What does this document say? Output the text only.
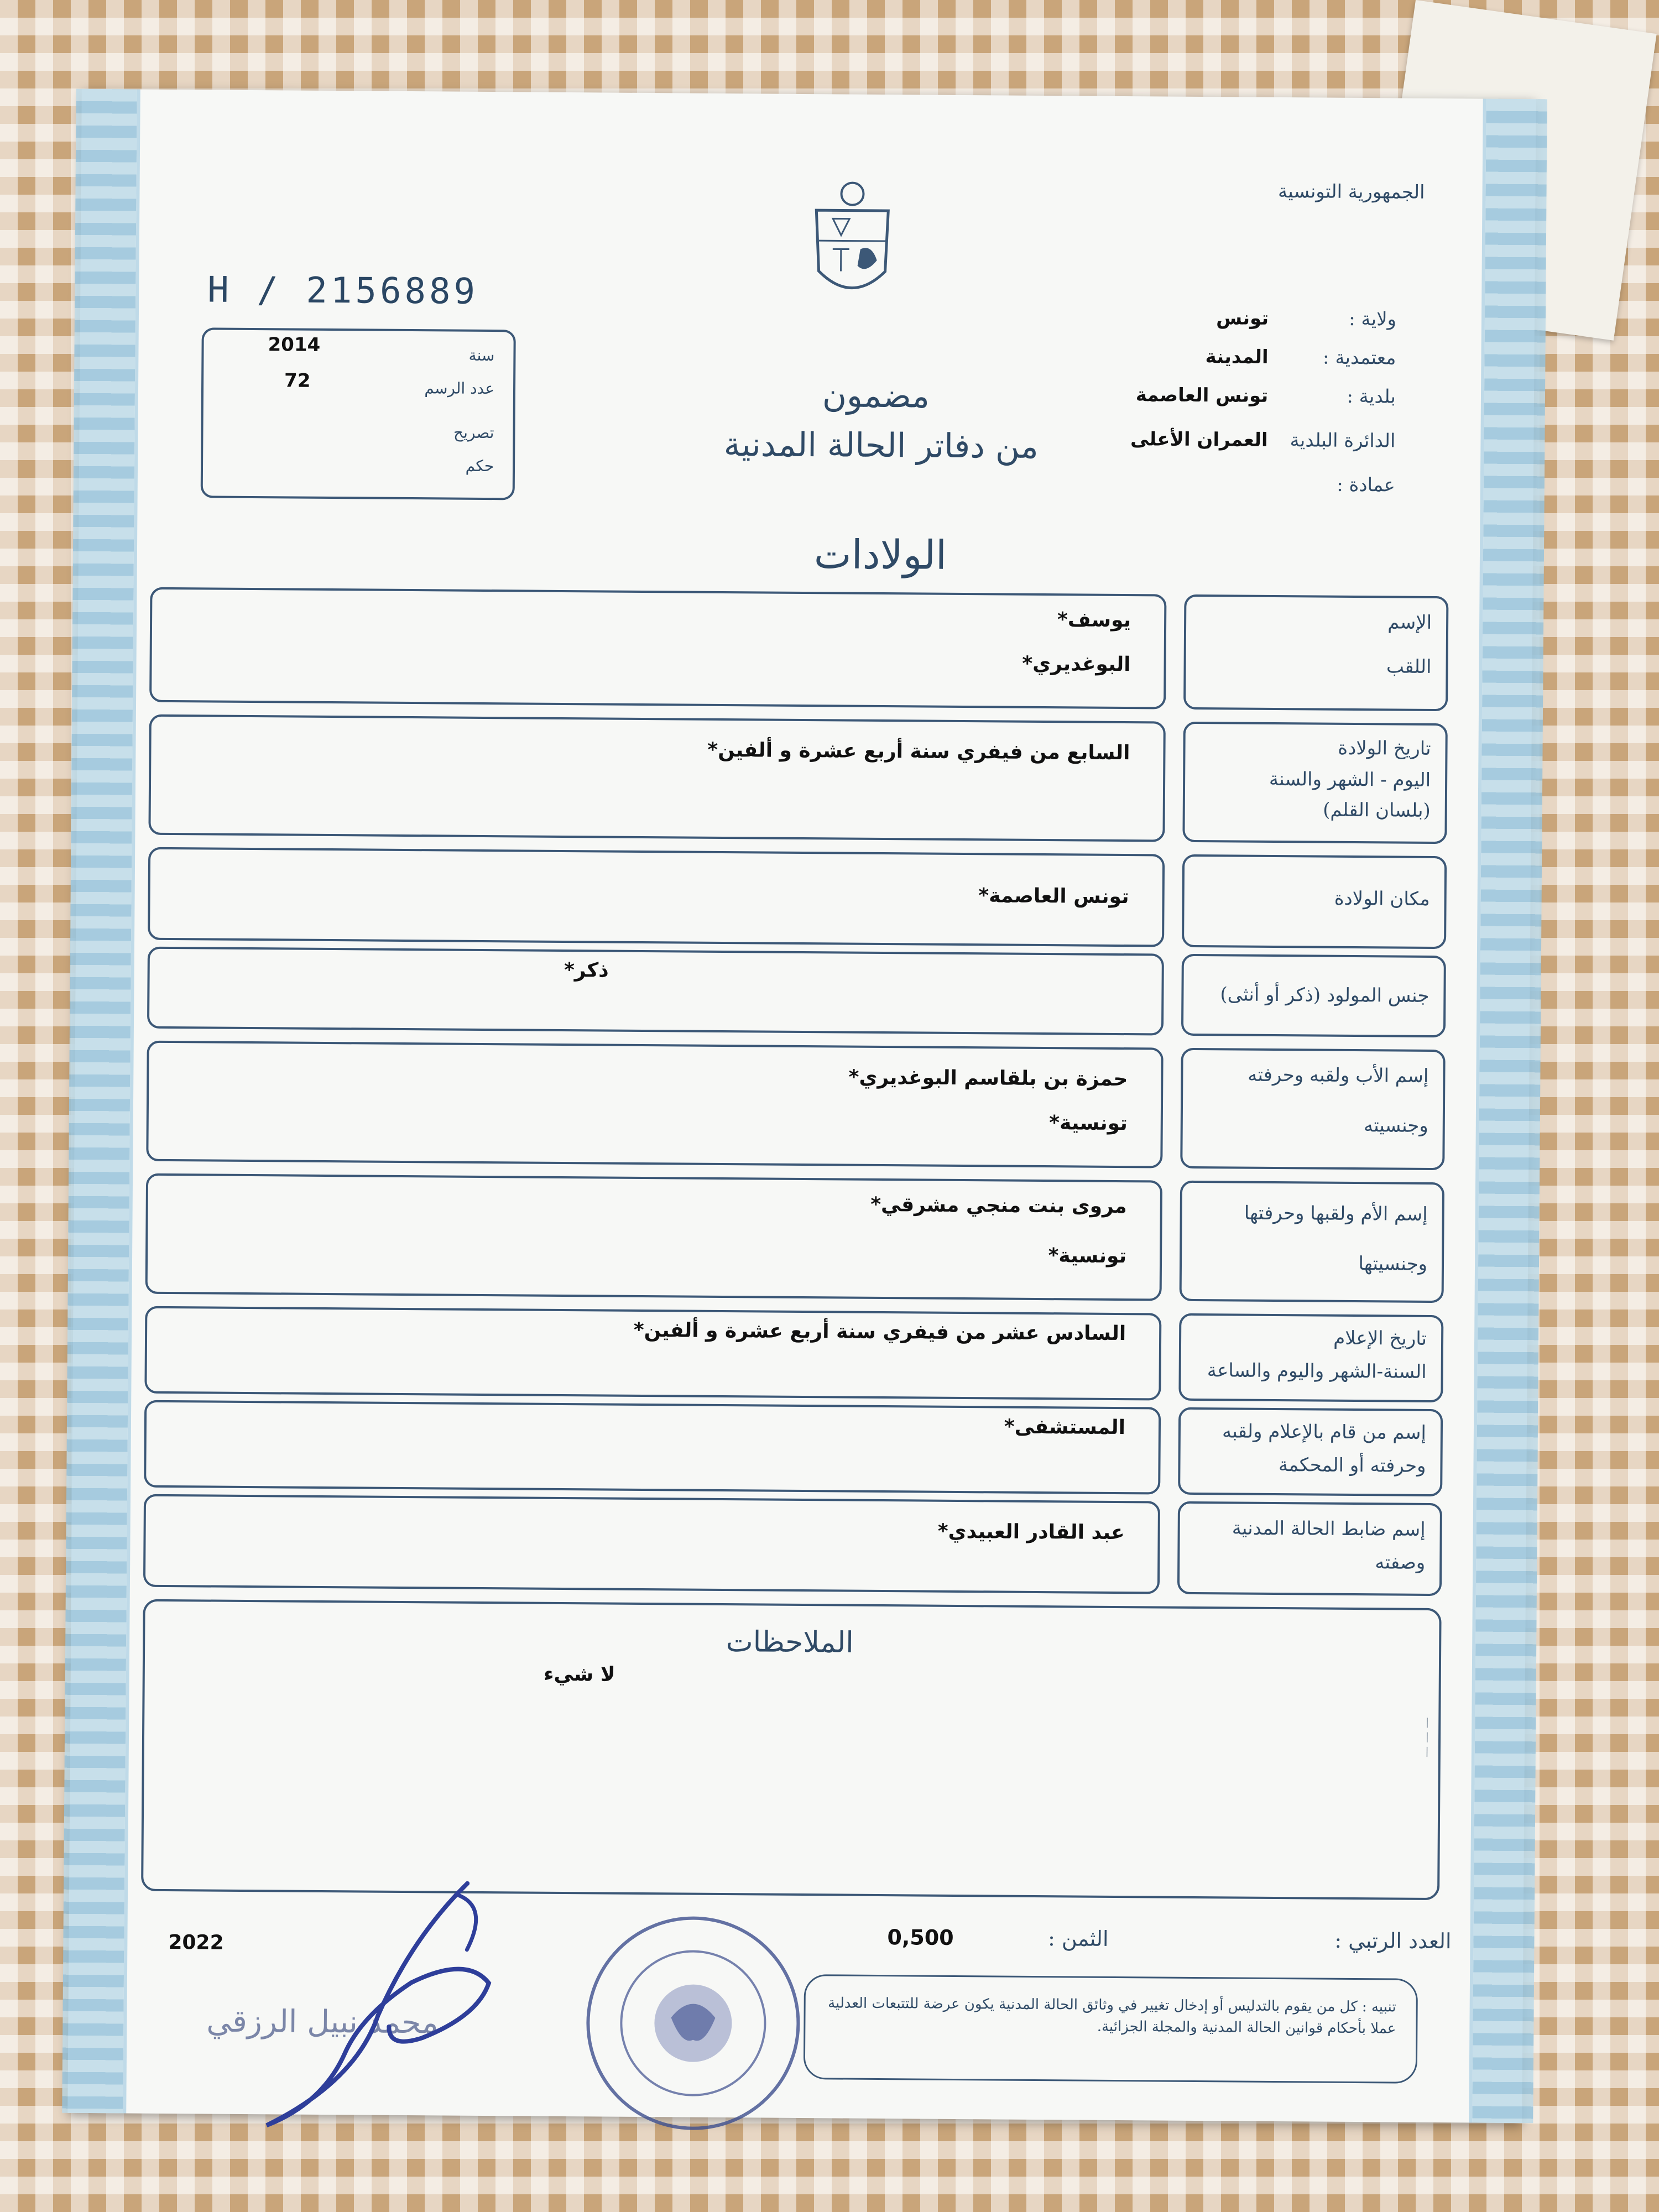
الجمهورية التونسية
H / 2156889
2014
72
سنة
عدد الرسم
تصريح
حكم
ولاية : تونس
معتمدية : المدينة
بلدية : تونس العاصمة
الدائرة البلدية العمران الأعلى
عمادة :
مضمون
من دفاتر الحالة المدنية
الولادات
الإسم
اللقب
يوسف*
البوغديري*
تاريخ الولادة
اليوم - الشهر والسنة
(بلسان القلم)
السابع من فيفري سنة أربع عشرة و ألفين*
مكان الولادة
تونس العاصمة*
جنس المولود (ذكر أو أنثى)
ذكر*
إسم الأب ولقبه وحرفته
وجنسيته
حمزة بن بلقاسم البوغديري*
تونسية*
إسم الأم ولقبها وحرفتها
وجنسيتها
مروى بنت منجي مشرقي*
تونسية*
تاريخ الإعلام
السنة-الشهر واليوم والساعة
السادس عشر من فيفري سنة أربع عشرة و ألفين*
إسم من قام بالإعلام ولقبه
وحرفته أو المحكمة
المستشفى*
إسم ضابط الحالة المدنية
وصفته
عبد القادر العبيدي*
الملاحظات
لا شيء
— — —
العدد الرتبي :
الثمن :
0,500
تنبيه : كل من يقوم بالتدليس أو إدخال تغيير في وثائق الحالة المدنية يكون عرضة للتتبعات العدلية عملا بأحكام قوانين الحالة المدنية والمجلة الجزائية.
2022
محمد نبيل الرزقي
